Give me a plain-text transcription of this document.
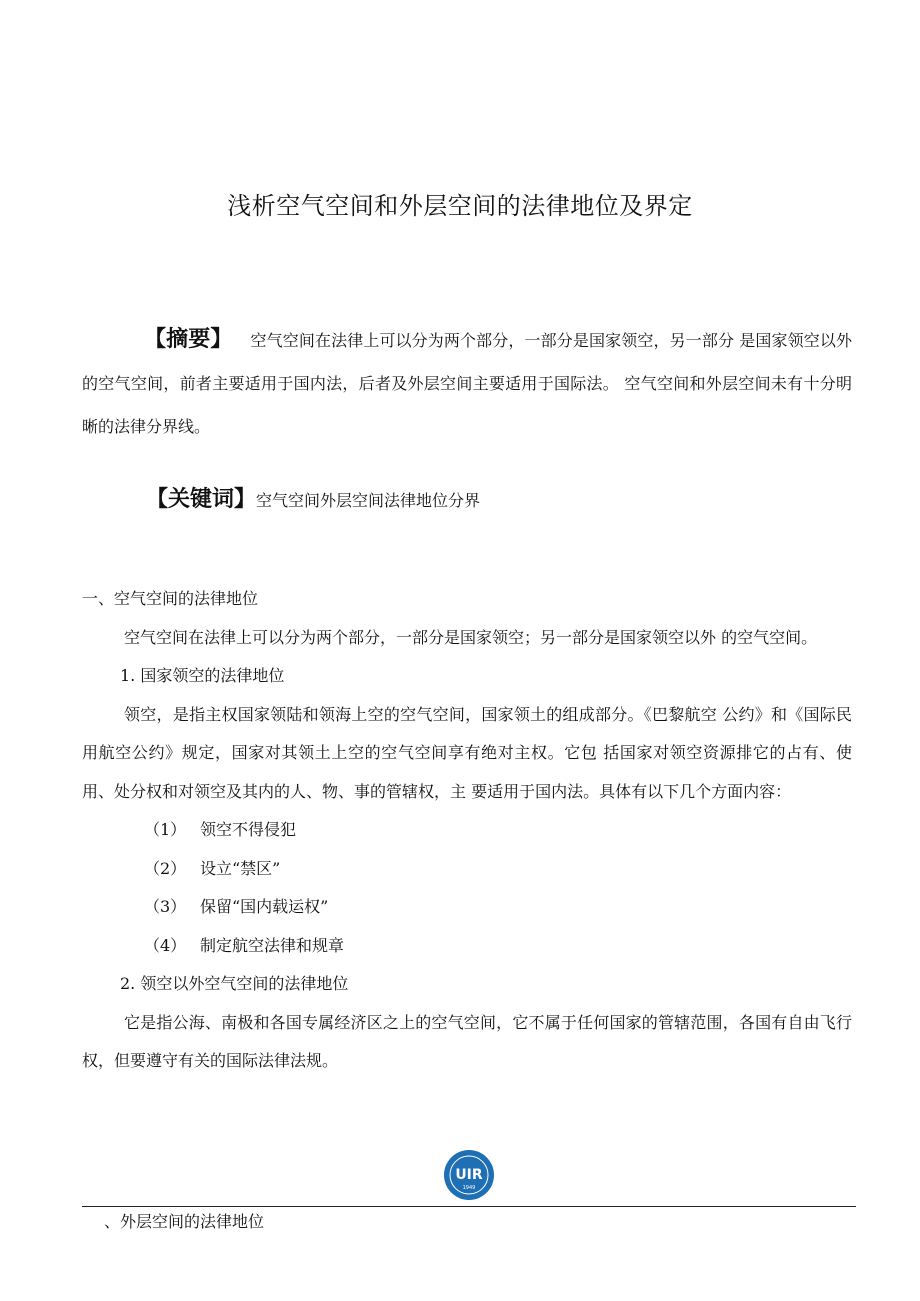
浅析空气空间和外层空间的法律地位及界定
【摘要】 空气空间在法律上可以分为两个部分，一部分是国家领空，另一部分 是国家领空以外的空气空间，前者主要适用于国内法，后者及外层空间主要适用于国际法。 空气空间和外层空间未有十分明晰的法律分界线。
【关键词】空气空间外层空间法律地位分界

一、空气空间的法律地位

空气空间在法律上可以分为两个部分，一部分是国家领空；另一部分是国家领空以外 的空气空间。

1. 国家领空的法律地位

领空，是指主权国家领陆和领海上空的空气空间，国家领土的组成部分。《巴黎航空 公约》和《国际民用航空公约》规定，国家对其领土上空的空气空间享有绝对主权。它包 括国家对领空资源排它的占有、使用、处分权和对领空及其内的人、物、事的管辖权，主 要适用于国内法。具体有以下几个方面内容：

（1） 领空不得侵犯

（2） 设立“禁区”

（3） 保留“国内载运权”

（4） 制定航空法律和规章

2. 领空以外空气空间的法律地位

它是指公海、南极和各国专属经济区之上的空气空间，它不属于任何国家的管辖范围，各国有自由飞行权，但要遵守有关的国际法律法规。

UIR
1949
、外层空间的法律地位
